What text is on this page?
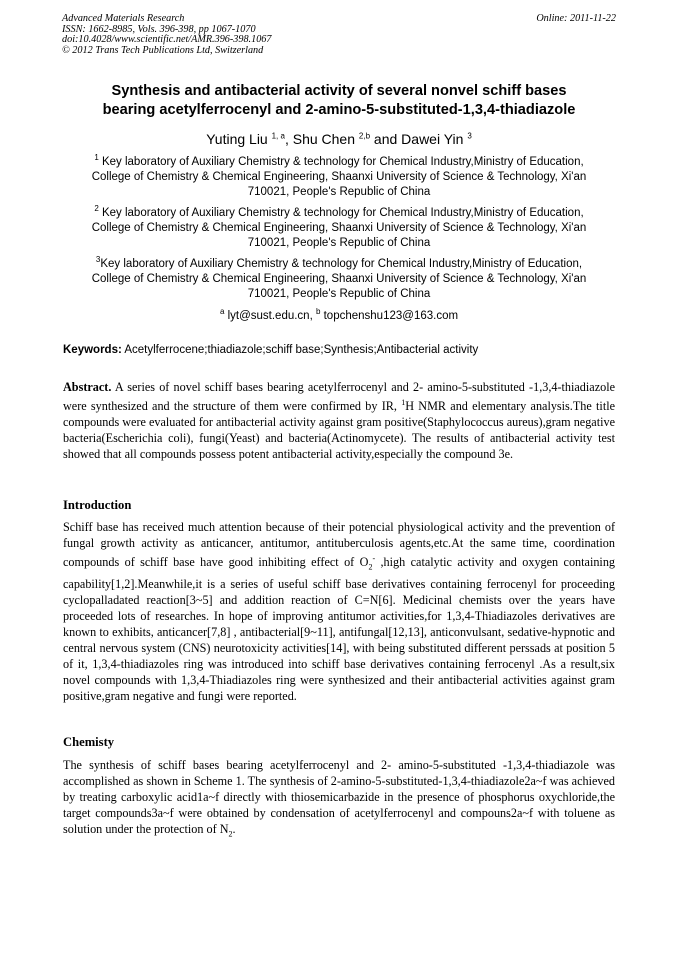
Advanced Materials Research
ISSN: 1662-8985, Vols. 396-398, pp 1067-1070
doi:10.4028/www.scientific.net/AMR.396-398.1067
© 2012 Trans Tech Publications Ltd, Switzerland
Online: 2011-11-22
Synthesis and antibacterial activity of several nonvel schiff bases
bearing acetylferrocenyl and 2-amino-5-substituted-1,3,4-thiadiazole
Yuting Liu $^{1, a}$, Shu Chen $^{2,b}$ and Dawei Yin $^3$
$^1$ Key laboratory of Auxiliary Chemistry & technology for Chemical Industry,Ministry of Education,
College of Chemistry & Chemical Engineering, Shaanxi University of Science & Technology, Xi'an
710021, People's Republic of China
$^2$ Key laboratory of Auxiliary Chemistry & technology for Chemical Industry,Ministry of Education,
College of Chemistry & Chemical Engineering, Shaanxi University of Science & Technology, Xi'an
710021, People's Republic of China
$^3$Key laboratory of Auxiliary Chemistry & technology for Chemical Industry,Ministry of Education,
College of Chemistry & Chemical Engineering, Shaanxi University of Science & Technology, Xi'an
710021, People's Republic of China
$^a$ lyt@sust.edu.cn, $^b$ topchenshu123@163.com
Keywords: Acetylferrocene;thiadiazole;schiff base;Synthesis;Antibacterial activity
Abstract. A series of novel schiff bases bearing acetylferrocenyl and 2- amino-5-substituted -1,3,4-thiadiazole were synthesized and the structure of them were confirmed by IR, $^1$H NMR and elementary analysis.The title compounds were evaluated for antibacterial activity against gram positive(Staphylococcus aureus),gram negative bacteria(Escherichia coli), fungi(Yeast) and bacteria(Actinomycete). The results of antibacterial activity test showed that all compounds possess potent antibacterial activity,especially the compound 3e.
Introduction
Schiff base has received much attention because of their potencial physiological activity and the prevention of fungal growth activity as anticancer, antitumor, antituberculosis agents,etc.At the same time, coordination compounds of schiff base have good inhibiting effect of $O_2^-$ ,high catalytic activity and oxygen containing capability[1,2].Meanwhile,it is a series of useful schiff base derivatives containing ferrocenyl for proceeding cyclopalladated reaction[3~5] and addition reaction of C=N[6]. Medicinal chemists over the years have proceeded lots of researches. In hope of improving antitumor activities,for 1,3,4-Thiadiazoles derivatives are known to exhibits, anticancer[7,8] , antibacterial[9~11], antifungal[12,13], anticonvulsant, sedative-hypnotic and central nervous system (CNS) neurotoxicity activities[14], with being substituted different perssads at position 5 of it, 1,3,4-thiadiazoles ring was introduced into schiff base derivatives containing ferrocenyl .As a result,six novel compounds with 1,3,4-Thiadiazoles ring were synthesized and their antibacterial activities against gram positive,gram negative and fungi were reported.
Chemisty
The synthesis of schiff bases bearing acetylferrocenyl and 2- amino-5-substituted -1,3,4-thiadiazole was accomplished as shown in Scheme 1. The synthesis of 2-amino-5-substituted-1,3,4-thiadiazole2a~f was achieved by treating carboxylic acid1a~f directly with thiosemicarbazide in the presence of phosphorus oxychloride,the target compounds3a~f were obtained by condensation of acetylferrocenyl and compouns2a~f with toluene as solution under the protection of $N_2$.
